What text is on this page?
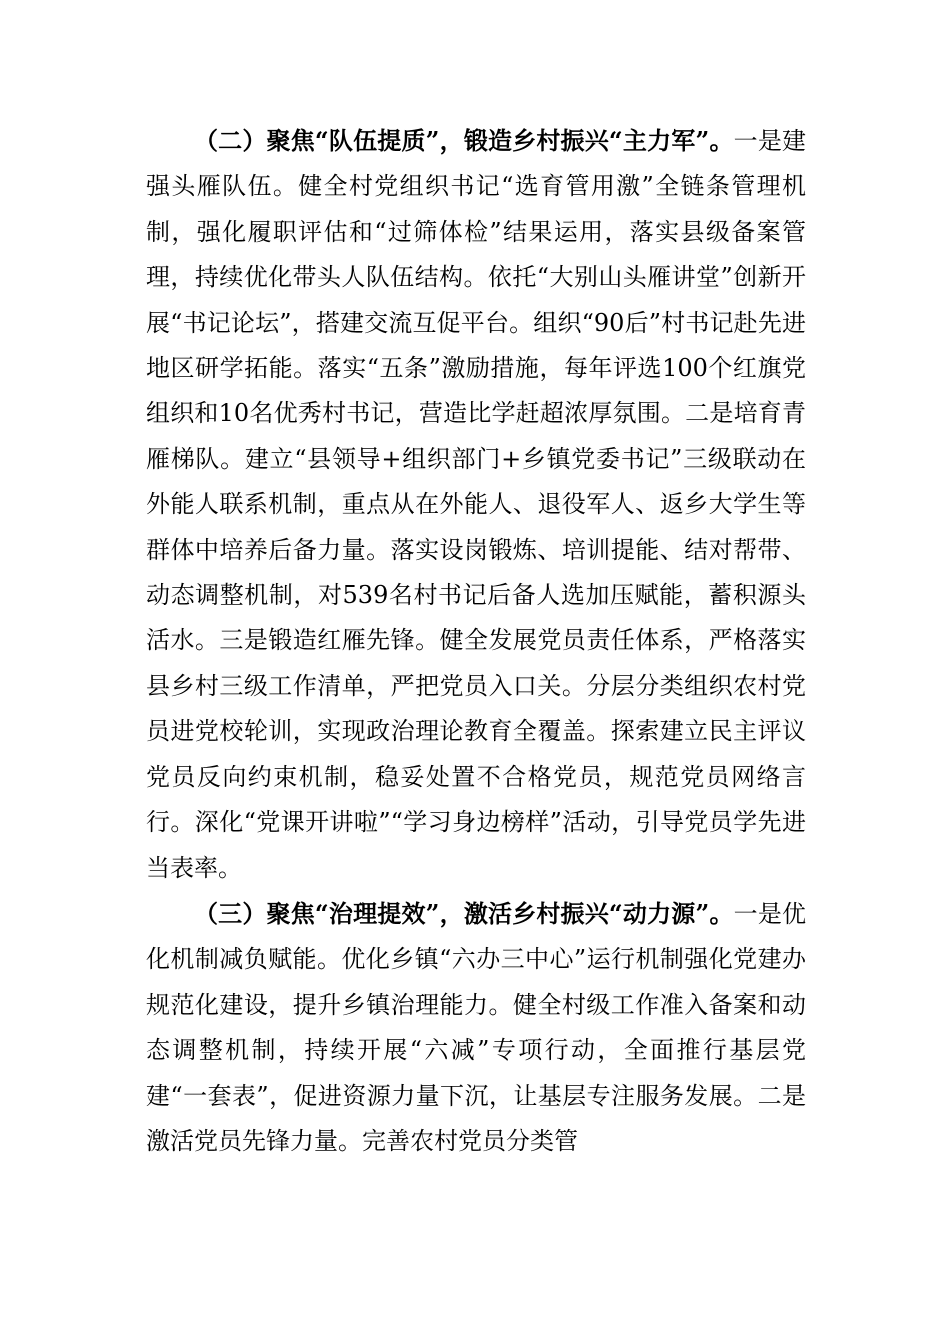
（二）聚焦“队伍提质”，锻造乡村振兴“主力军”。一是建强头雁队伍。健全村党组织书记“选育管用激”全链条管理机制，强化履职评估和“过筛体检”结果运用，落实县级备案管理，持续优化带头人队伍结构。依托“大别山头雁讲堂”创新开展“书记论坛”，搭建交流互促平台。组织“90后”村书记赴先进地区研学拓能。落实“五条”激励措施，每年评选100个红旗党组织和10名优秀村书记，营造比学赶超浓厚氛围。二是培育青雁梯队。建立“县领导+组织部门+乡镇党委书记”三级联动在外能人联系机制，重点从在外能人、退役军人、返乡大学生等群体中培养后备力量。落实设岗锻炼、培训提能、结对帮带、动态调整机制，对539名村书记后备人选加压赋能，蓄积源头活水。三是锻造红雁先锋。健全发展党员责任体系，严格落实县乡村三级工作清单，严把党员入口关。分层分类组织农村党员进党校轮训，实现政治理论教育全覆盖。探索建立民主评议党员反向约束机制，稳妥处置不合格党员，规范党员网络言行。深化“党课开讲啦”“学习身边榜样”活动，引导党员学先进当表率。

（三）聚焦“治理提效”，激活乡村振兴“动力源”。一是优化机制减负赋能。优化乡镇“六办三中心”运行机制强化党建办规范化建设，提升乡镇治理能力。健全村级工作准入备案和动态调整机制，持续开展“六减”专项行动，全面推行基层党建“一套表”，促进资源力量下沉，让基层专注服务发展。二是激活党员先锋力量。完善农村党员分类管
